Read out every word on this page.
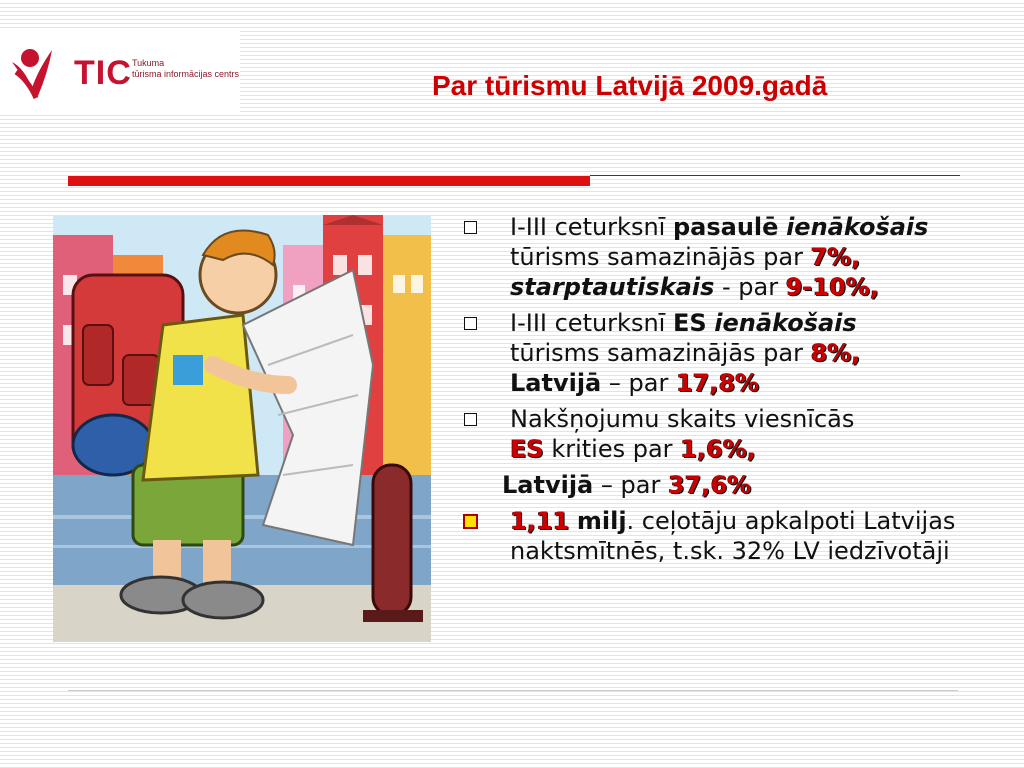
TIC Tukuma
tūrisma informācijas centrs	Par tūrismu Latvijā 2009.gadā
I-III ceturksnī pasaulē ienākošais tūrisms samazinājās par 7%, starptautiskais - par 9-10%,
I-III ceturksnī ES ienākošais
tūrisms samazinājās par 8%,
Latvijā – par 17,8%
Nakšņojumu skaits viesnīcās
ES krities par 1,6%,
Latvijā – par 37,6%
1,11 milj. ceļotāju apkalpoti Latvijas naktsmītnēs, t.sk. 32% LV iedzīvotāji
